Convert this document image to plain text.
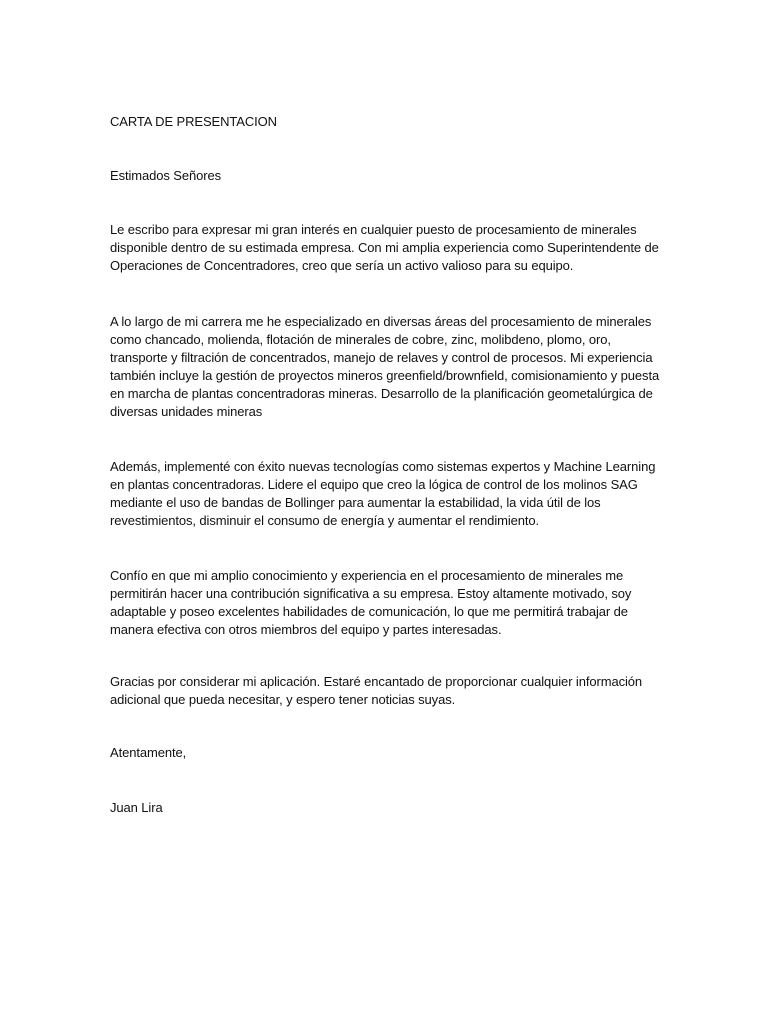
CARTA DE PRESENTACION

Estimados Señores

Le escribo para expresar mi gran interés en cualquier puesto de procesamiento de minerales disponible dentro de su estimada empresa. Con mi amplia experiencia como Superintendente de Operaciones de Concentradores, creo que sería un activo valioso para su equipo.

A lo largo de mi carrera me he especializado en diversas áreas del procesamiento de minerales como chancado, molienda, flotación de minerales de cobre, zinc, molibdeno, plomo, oro, transporte y filtración de concentrados, manejo de relaves y control de procesos. Mi experiencia también incluye la gestión de proyectos mineros greenfield/brownfield, comisionamiento y puesta en marcha de plantas concentradoras mineras. Desarrollo de la planificación geometalúrgica de diversas unidades mineras

Además, implementé con éxito nuevas tecnologías como sistemas expertos y Machine Learning en plantas concentradoras. Lidere el equipo que creo la lógica de control de los molinos SAG mediante el uso de bandas de Bollinger para aumentar la estabilidad, la vida útil de los revestimientos, disminuir el consumo de energía y aumentar el rendimiento.

Confío en que mi amplio conocimiento y experiencia en el procesamiento de minerales me permitirán hacer una contribución significativa a su empresa. Estoy altamente motivado, soy adaptable y poseo excelentes habilidades de comunicación, lo que me permitirá trabajar de manera efectiva con otros miembros del equipo y partes interesadas.

Gracias por considerar mi aplicación. Estaré encantado de proporcionar cualquier información adicional que pueda necesitar, y espero tener noticias suyas.

Atentamente,

Juan Lira
